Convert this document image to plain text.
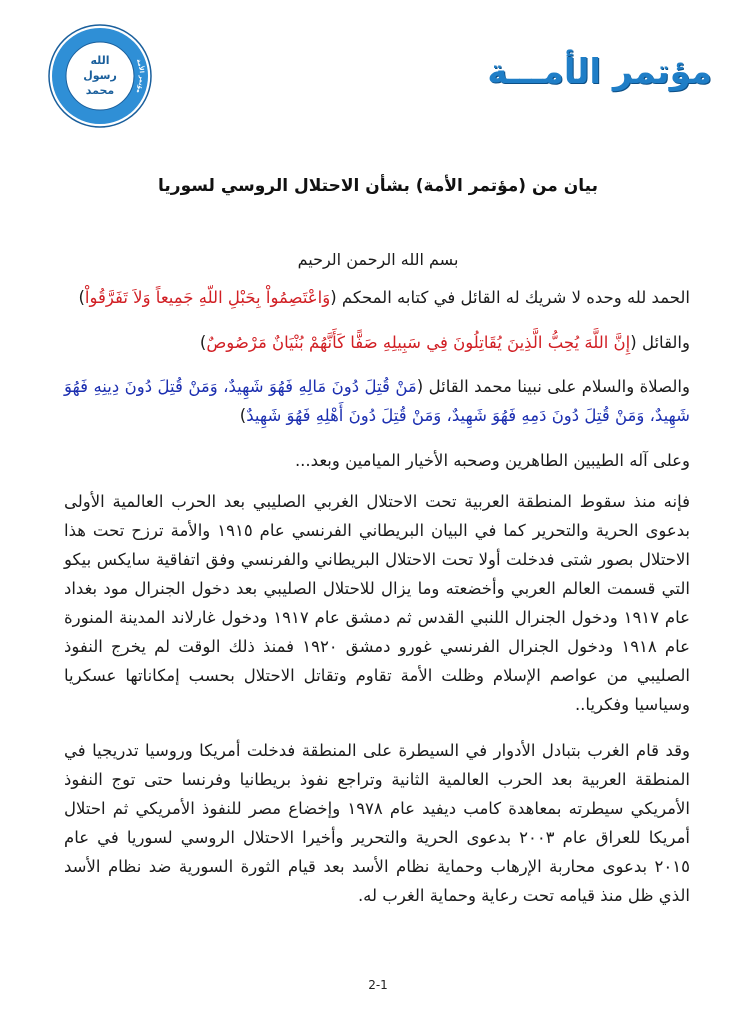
مؤتمر الأمة
الله
رسول
محمد	مؤتمر الأمـــة
بيان من (مؤتمر الأمة) بشأن الاحتلال الروسي لسوريا
بسم الله الرحمن الرحيم
الحمد لله وحده لا شريك له القائل في كتابه المحكم (وَاعْتَصِمُواْ بِحَبْلِ اللّهِ جَمِيعاً وَلاَ تَفَرَّقُواْ)
والقائل (إِنَّ اللَّهَ يُحِبُّ الَّذِينَ يُقَاتِلُونَ فِي سَبِيلِهِ صَفًّا كَأَنَّهُمْ بُنْيَانٌ مَرْصُوصٌ)
والصلاة والسلام على نبينا محمد القائل (مَنْ قُتِلَ دُونَ مَالِهِ فَهُوَ شَهِيدٌ، وَمَنْ قُتِلَ دُونَ دِينِهِ فَهُوَ شَهِيدٌ، وَمَنْ قُتِلَ دُونَ دَمِهِ فَهُوَ شَهِيدٌ، وَمَنْ قُتِلَ دُونَ أَهْلِهِ فَهُوَ شَهِيدٌ)
وعلى آله الطيبين الطاهرين وصحبه الأخيار الميامين وبعد...
فإنه منذ سقوط المنطقة العربية تحت الاحتلال الغربي الصليبي بعد الحرب العالمية الأولى بدعوى الحرية والتحرير كما في البيان البريطاني الفرنسي عام ١٩١٥ والأمة ترزح تحت هذا الاحتلال بصور شتى فدخلت أولا تحت الاحتلال البريطاني والفرنسي وفق اتفاقية سايكس بيكو التي قسمت العالم العربي وأخضعته وما يزال للاحتلال الصليبي بعد دخول الجنرال مود بغداد عام ١٩١٧ ودخول الجنرال اللنبي القدس ثم دمشق عام ١٩١٧ ودخول غارلاند المدينة المنورة عام ١٩١٨ ودخول الجنرال الفرنسي غورو دمشق ١٩٢٠ فمنذ ذلك الوقت لم يخرج النفوذ الصليبي من عواصم الإسلام وظلت الأمة تقاوم وتقاتل الاحتلال بحسب إمكاناتها عسكريا وسياسيا وفكريا..
وقد قام الغرب بتبادل الأدوار في السيطرة على المنطقة فدخلت أمريكا وروسيا تدريجيا في المنطقة العربية بعد الحرب العالمية الثانية وتراجع نفوذ بريطانيا وفرنسا حتى توج النفوذ الأمريكي سيطرته بمعاهدة كامب ديفيد عام ١٩٧٨ وإخضاع مصر للنفوذ الأمريكي ثم احتلال أمريكا للعراق عام ٢٠٠٣ بدعوى الحرية والتحرير وأخيرا الاحتلال الروسي لسوريا في عام ٢٠١٥ بدعوى محاربة الإرهاب وحماية نظام الأسد بعد قيام الثورة السورية ضد نظام الأسد الذي ظل منذ قيامه تحت رعاية وحماية الغرب له.
2-1
